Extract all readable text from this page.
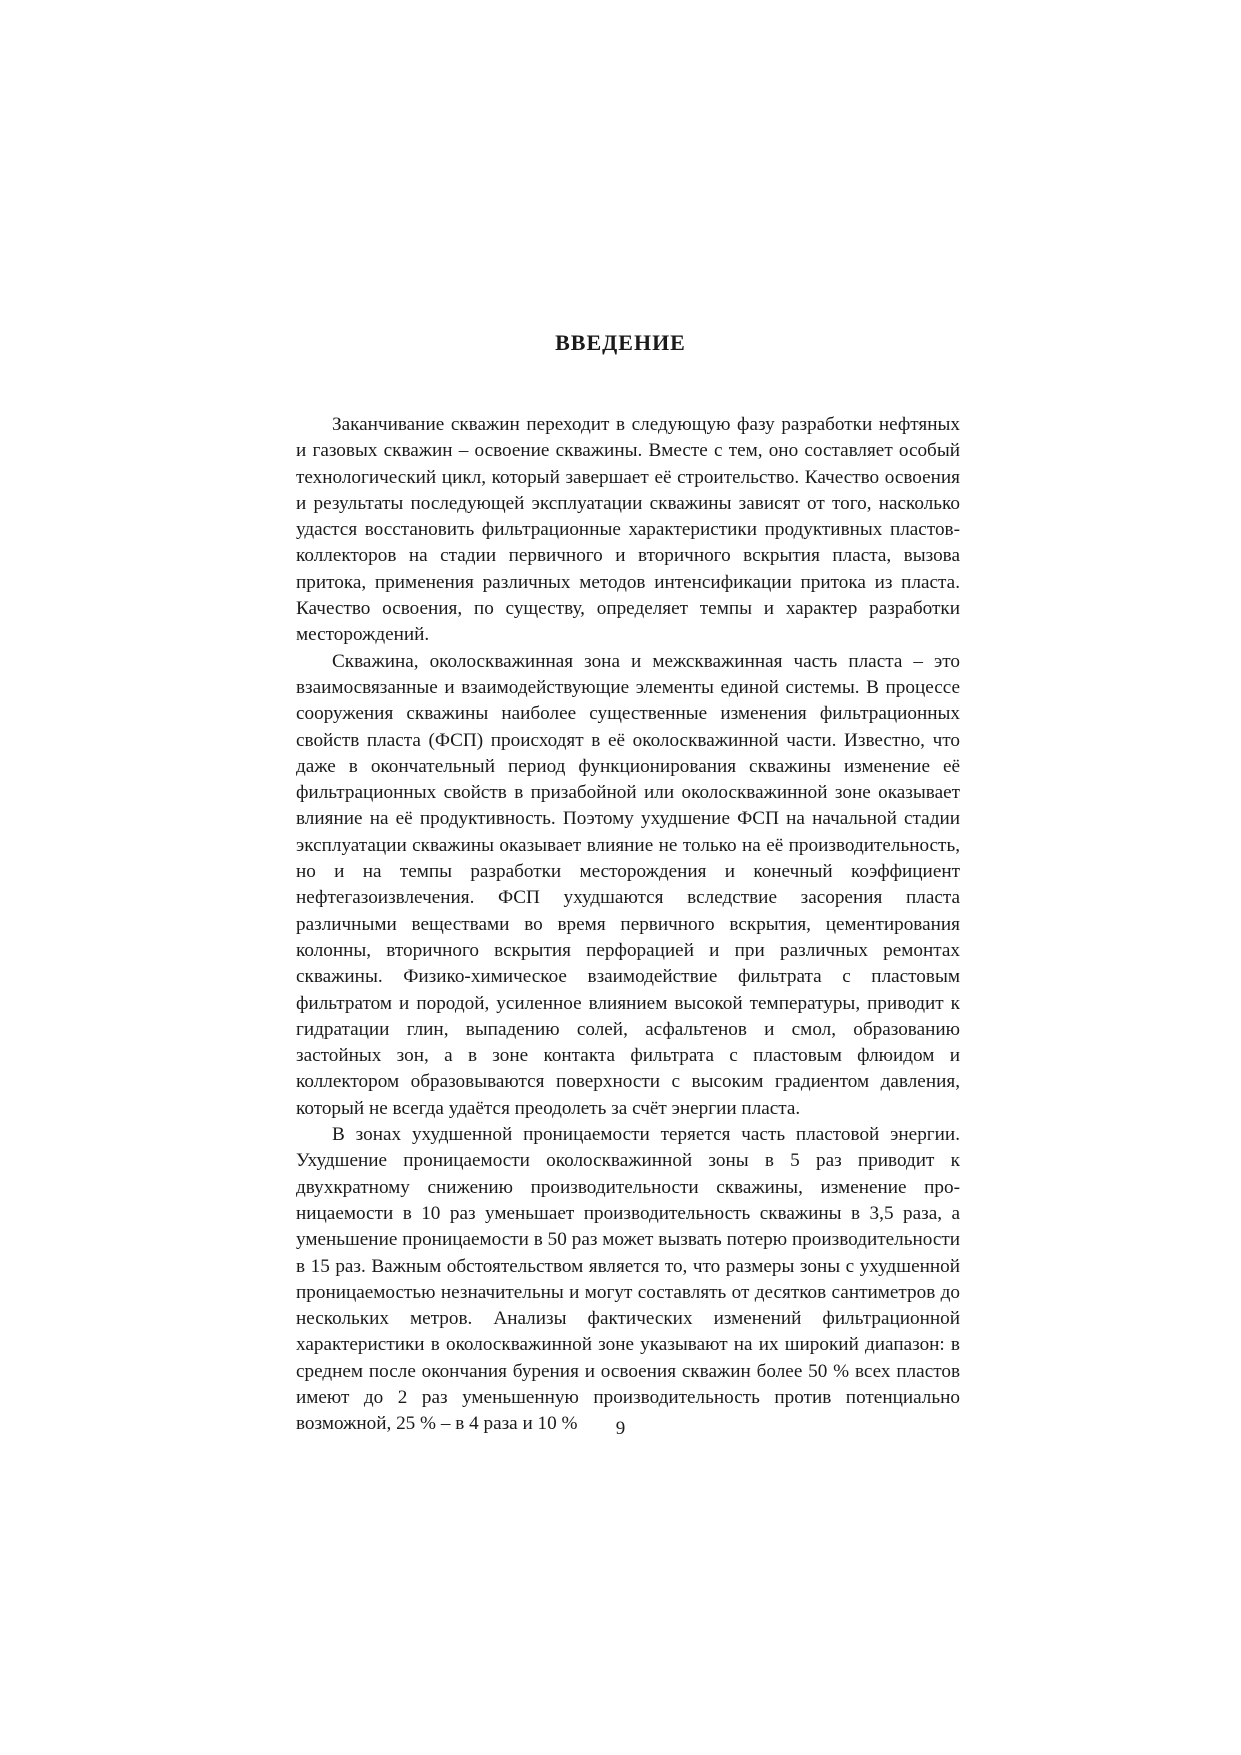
ВВЕДЕНИЕ

Заканчивание скважин переходит в следующую фазу разработки нефтяных и газовых скважин – освоение скважины. Вместе с тем, оно составляет особый технологический цикл, который завершает её строительство. Качество освоения и результаты последующей эксплуатации скважины зависят от того, насколько удастся восстановить фильтрационные характеристики продуктивных пластов-коллекторов на стадии первичного и вторичного вскрытия пласта, вызова притока, применения различных методов интенсификации притока из пласта. Качество освоения, по существу, определяет темпы и характер разработки месторождений.

Скважина, околоскважинная зона и межскважинная часть пласта – это взаимосвязанные и взаимодействующие элементы единой системы. В процессе сооружения скважины наиболее существенные изменения фильтрационных свойств пласта (ФСП) происходят в её околоскважинной части. Известно, что даже в окончательный период функционирования скважины изменение её фильтрационных свойств в призабойной или околоскважинной зоне оказывает влияние на её продуктивность. Поэтому ухудшение ФСП на начальной стадии эксплуатации скважины оказывает влияние не только на её производительность, но и на темпы разработки месторождения и конечный коэффициент нефтегазоизвлечения. ФСП ухудшаются вследствие засорения пласта различными веществами во время первичного вскрытия, цементирования колонны, вторичного вскрытия перфорацией и при различных ремонтах скважины. Физико-химическое взаимодействие фильтрата с пластовым фильтратом и породой, усиленное влиянием высокой температуры, приводит к гидратации глин, выпадению солей, асфальтенов и смол, образованию застойных зон, а в зоне контакта фильтрата с пластовым флюидом и коллектором образовываются поверхности с высоким градиентом давления, который не всегда удаётся преодолеть за счёт энергии пласта.

В зонах ухудшенной проницаемости теряется часть пластовой энергии. Ухудшение проницаемости околоскважинной зоны в 5 раз приводит к двухкратному снижению производительности скважины, изменение проницаемости в 10 раз уменьшает производительность скважины в 3,5 раза, а уменьшение проницаемости в 50 раз может вызвать потерю производительности в 15 раз. Важным обстоятельством является то, что размеры зоны с ухудшенной проницаемостью незначительны и могут составлять от десятков сантиметров до нескольких метров. Анализы фактических изменений фильтрационной характеристики в околоскважинной зоне указывают на их широкий диапазон: в среднем после окончания бурения и освоения скважин более 50 % всех пластов имеют до 2 раз уменьшенную производительность против потенциально возможной, 25 % – в 4 раза и 10 %	9
